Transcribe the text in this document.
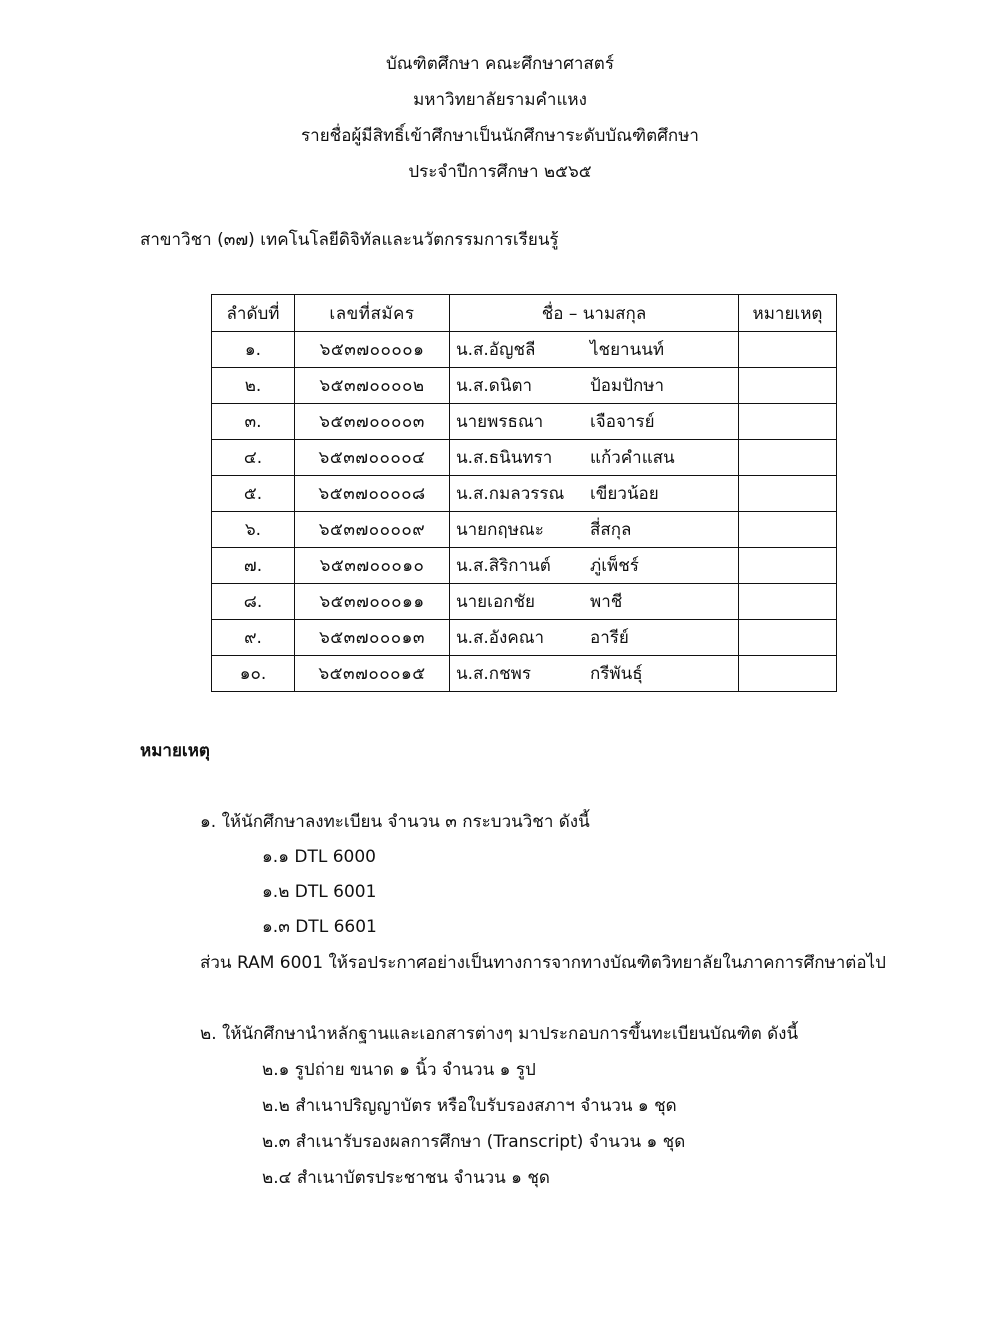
บัณฑิตศึกษา คณะศึกษาศาสตร์
มหาวิทยาลัยรามคำแหง
รายชื่อผู้มีสิทธิ์เข้าศึกษาเป็นนักศึกษาระดับบัณฑิตศึกษา
ประจำปีการศึกษา ๒๕๖๕
สาขาวิชา (๓๗) เทคโนโลยีดิจิทัลและนวัตกรรมการเรียนรู้
ลำดับที่	เลขที่สมัคร	ชื่อ – นามสกุล	หมายเหตุ
๑.	๖๕๓๗๐๐๐๐๑	น.ส.อัญชลี ไชยานนท์	

๒.	๖๕๓๗๐๐๐๐๒	น.ส.ดนิตา ป้อมปักษา	

๓.	๖๕๓๗๐๐๐๐๓	นายพรธณา เจือจารย์	

๔.	๖๕๓๗๐๐๐๐๔	น.ส.ธนินทรา แก้วคำแสน	

๕.	๖๕๓๗๐๐๐๐๘	น.ส.กมลวรรณ เขียวน้อย	

๖.	๖๕๓๗๐๐๐๐๙	นายกฤษณะ สี่สกุล	

๗.	๖๕๓๗๐๐๐๑๐	น.ส.สิริกานต์ ภู่เพ็ชร์	

๘.	๖๕๓๗๐๐๐๑๑	นายเอกชัย พาชี	

๙.	๖๕๓๗๐๐๐๑๓	น.ส.อังคณา อารีย์	

๑๐.	๖๕๓๗๐๐๐๑๕	น.ส.กชพร กรีพันธุ์	

หมายเหตุ
๑. ให้นักศึกษาลงทะเบียน จำนวน ๓ กระบวนวิชา ดังนี้
๑.๑ DTL 6000
๑.๒ DTL 6001
๑.๓ DTL 6601
ส่วน RAM 6001 ให้รอประกาศอย่างเป็นทางการจากทางบัณฑิตวิทยาลัยในภาคการศึกษาต่อไป
๒. ให้นักศึกษานำหลักฐานและเอกสารต่างๆ มาประกอบการขึ้นทะเบียนบัณฑิต ดังนี้
๒.๑ รูปถ่าย ขนาด ๑ นิ้ว จำนวน ๑ รูป
๒.๒ สำเนาปริญญาบัตร หรือใบรับรองสภาฯ จำนวน ๑ ชุด
๒.๓ สำเนารับรองผลการศึกษา (Transcript) จำนวน ๑ ชุด
๒.๔ สำเนาบัตรประชาชน จำนวน ๑ ชุด
